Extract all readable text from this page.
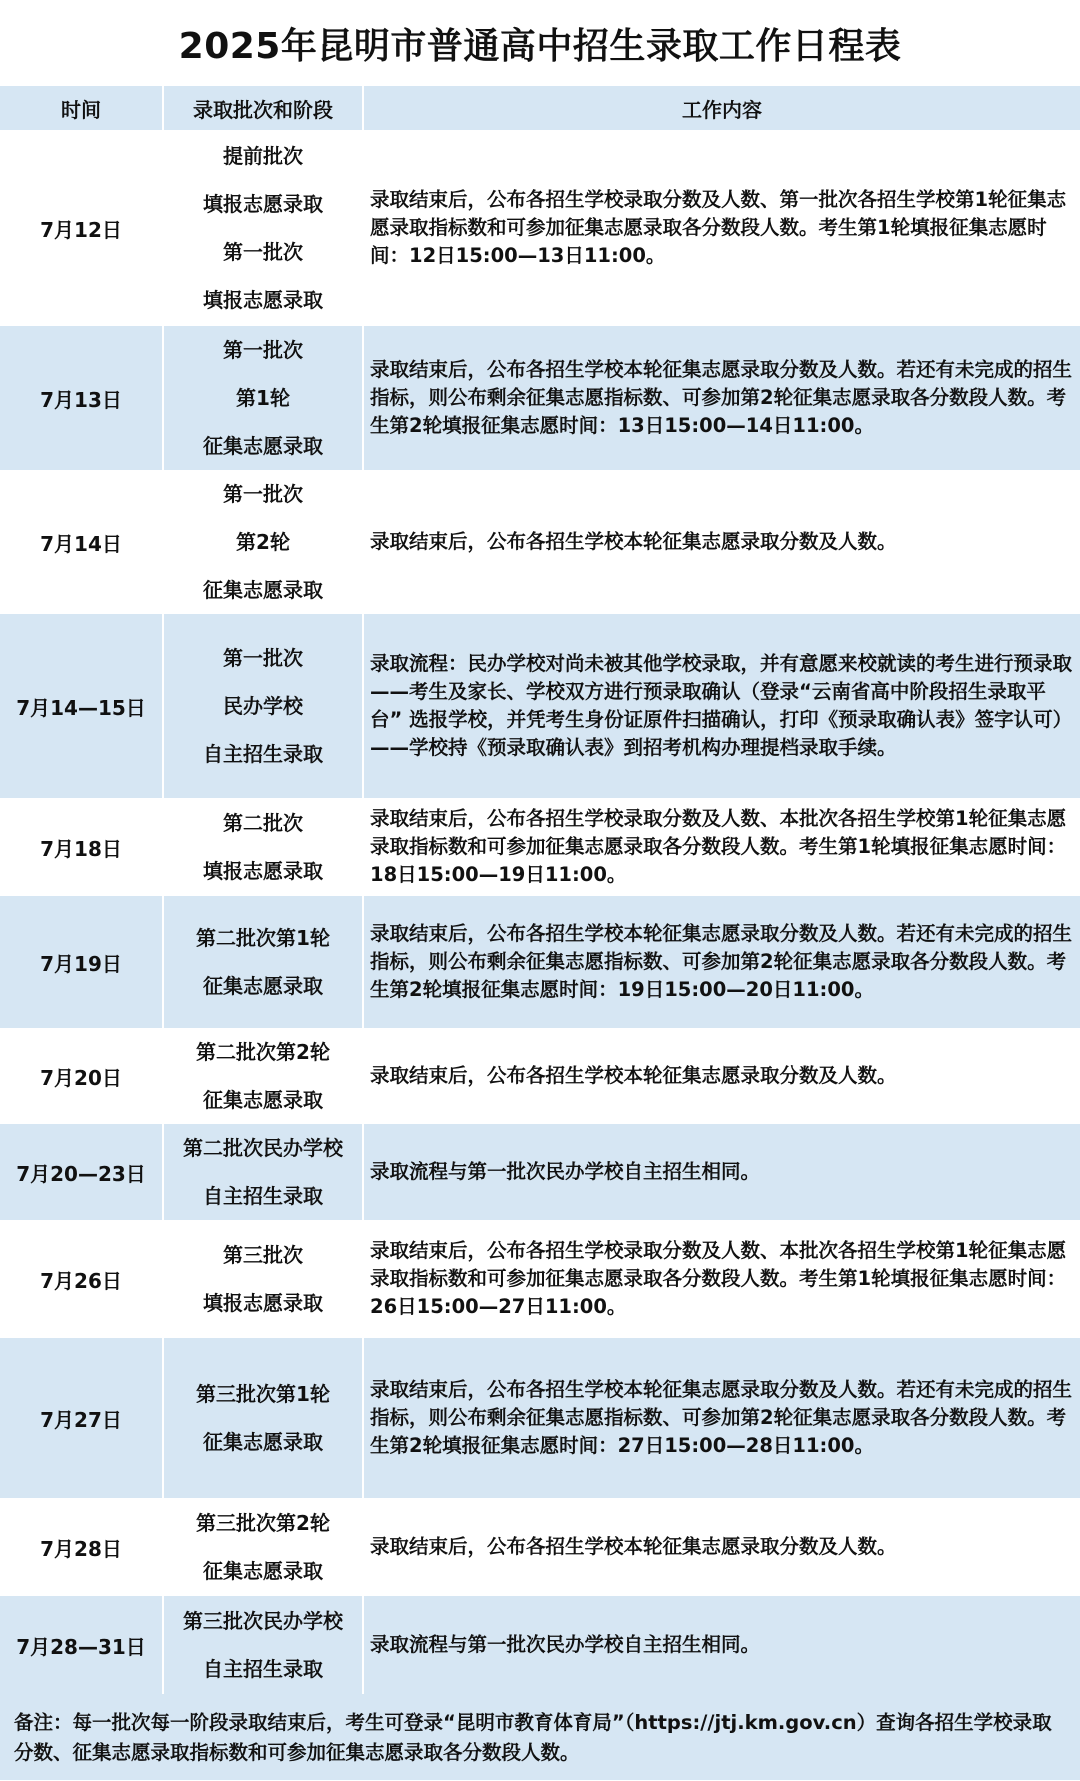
2025年昆明市普通高中招生录取工作日程表
时间	录取批次和阶段	工作内容
7月12日	提前批次
填报志愿录取
第一批次
填报志愿录取	录取结束后，公布各招生学校录取分数及人数、第一批次各招生学校第1轮征集志愿录取指标数和可参加征集志愿录取各分数段人数。考生第1轮填报征集志愿时间：12日15:00—13日11:00。
7月13日	第一批次
第1轮
征集志愿录取	录取结束后，公布各招生学校本轮征集志愿录取分数及人数。若还有未完成的招生指标，则公布剩余征集志愿指标数、可参加第2轮征集志愿录取各分数段人数。考生第2轮填报征集志愿时间：13日15:00—14日11:00。
7月14日	第一批次
第2轮
征集志愿录取	录取结束后，公布各招生学校本轮征集志愿录取分数及人数。
7月14—15日	第一批次
民办学校
自主招生录取	录取流程：民办学校对尚未被其他学校录取，并有意愿来校就读的考生进行预录取——考生及家长、学校双方进行预录取确认（登录“云南省高中阶段招生录取平台” 选报学校，并凭考生身份证原件扫描确认，打印《预录取确认表》签字认可）——学校持《预录取确认表》到招考机构办理提档录取手续。
7月18日	第二批次
填报志愿录取	录取结束后，公布各招生学校录取分数及人数、本批次各招生学校第1轮征集志愿录取指标数和可参加征集志愿录取各分数段人数。考生第1轮填报征集志愿时间：18日15:00—19日11:00。
7月19日	第二批次第1轮
征集志愿录取	录取结束后，公布各招生学校本轮征集志愿录取分数及人数。若还有未完成的招生指标，则公布剩余征集志愿指标数、可参加第2轮征集志愿录取各分数段人数。考生第2轮填报征集志愿时间：19日15:00—20日11:00。
7月20日	第二批次第2轮
征集志愿录取	录取结束后，公布各招生学校本轮征集志愿录取分数及人数。
7月20—23日	第二批次民办学校
自主招生录取	录取流程与第一批次民办学校自主招生相同。
7月26日	第三批次
填报志愿录取	录取结束后，公布各招生学校录取分数及人数、本批次各招生学校第1轮征集志愿录取指标数和可参加征集志愿录取各分数段人数。考生第1轮填报征集志愿时间：26日15:00—27日11:00。
7月27日	第三批次第1轮
征集志愿录取	录取结束后，公布各招生学校本轮征集志愿录取分数及人数。若还有未完成的招生指标，则公布剩余征集志愿指标数、可参加第2轮征集志愿录取各分数段人数。考生第2轮填报征集志愿时间：27日15:00—28日11:00。
7月28日	第三批次第2轮
征集志愿录取	录取结束后，公布各招生学校本轮征集志愿录取分数及人数。
7月28—31日	第三批次民办学校
自主招生录取	录取流程与第一批次民办学校自主招生相同。
备注：每一批次每一阶段录取结束后，考生可登录“昆明市教育体育局”（https://jtj.km.gov.cn）查询各招生学校录取分数、征集志愿录取指标数和可参加征集志愿录取各分数段人数。
